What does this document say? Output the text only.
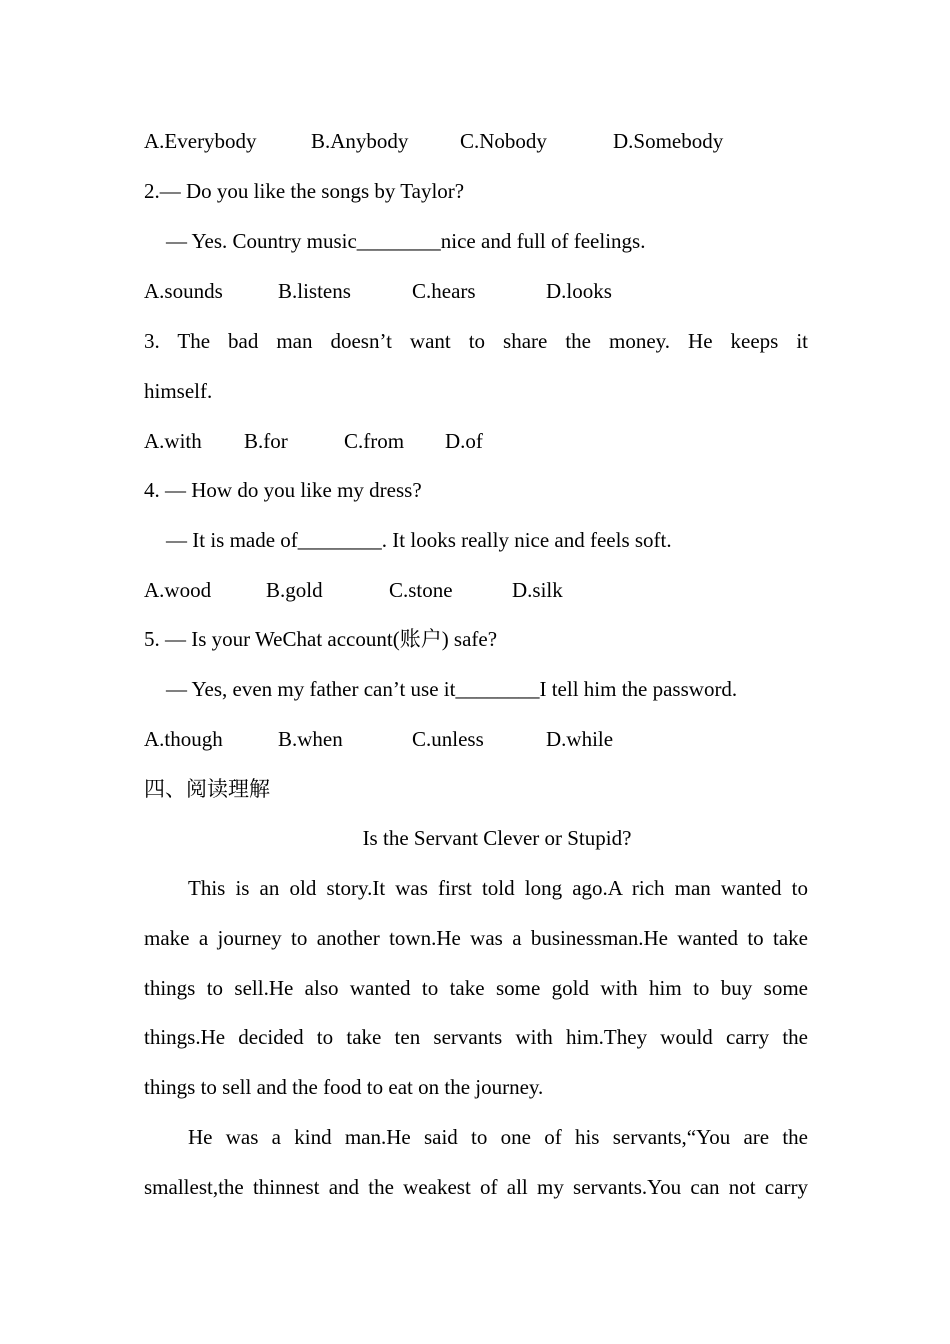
A.Everybody	B.Anybody C.Nobody	D.Somebody
2.— Do you like the songs by Taylor?
— Yes. Country music________nice and full of feelings.
A.sounds	B.listens	C.hears	D.looks
3. The bad man doesn’t want to share the money. He keeps it
himself.
A.with B.for	C.from D.of
4. — How do you like my dress?
— It is made of________. It looks really nice and feels soft.
A.wood	B.gold	C.stone	D.silk
5. — Is your WeChat account(账户) safe?
— Yes, even my father can’t use it________I tell him the password.
A.though	B.when	C.unless	D.while
四、阅读理解
Is the Servant Clever or Stupid?
This is an old story.It was first told long ago.A rich man wanted to
make a journey to another town.He was a businessman.He wanted to take
things to sell.He also wanted to take some gold with him to buy some
things.He decided to take ten servants with him.They would carry the
things to sell and the food to eat on the journey.
He was a kind man.He said to one of his servants,“You are the
smallest,the thinnest and the weakest of all my servants.You can not carry
